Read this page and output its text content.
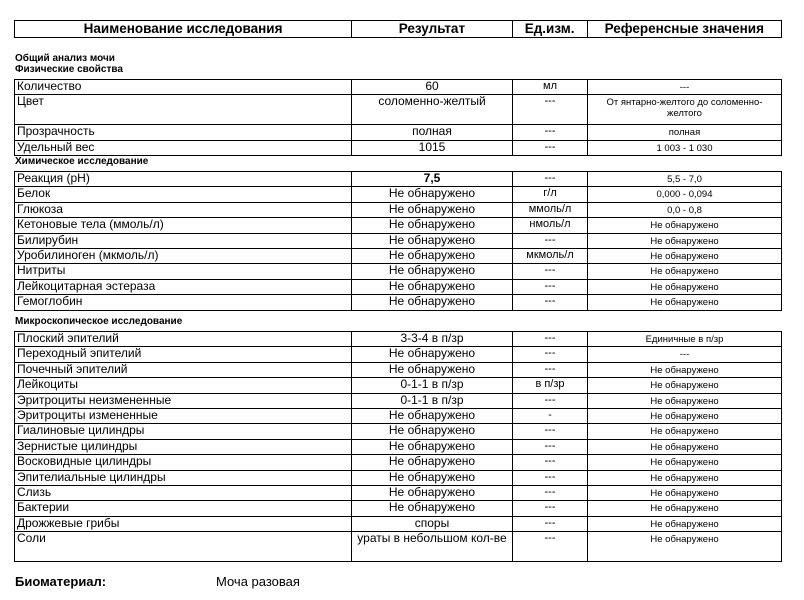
Наименование исследования	Результат	Ед.изм.	Референсные значения
Общий анализ мочи
Физические свойства
Количество	60	мл	---
Цвет	соломенно-желтый	---	От янтарно-желтого до соломенно-желтого
Прозрачность	полная	---	полная
Удельный вес	1015	---	1 003 - 1 030
Химическое исследование
Реакция (pH)	7,5	---	5,5 - 7,0
Белок	Не обнаружено	г/л	0,000 - 0,094
Глюкоза	Не обнаружено	ммоль/л	0,0 - 0,8
Кетоновые тела (ммоль/л)	Не обнаружено	нмоль/л	Не обнаружено
Билирубин	Не обнаружено	---	Не обнаружено
Уробилиноген (мкмоль/л)	Не обнаружено	мкмоль/л	Не обнаружено
Нитриты	Не обнаружено	---	Не обнаружено
Лейкоцитарная эстераза	Не обнаружено	---	Не обнаружено
Гемоглобин	Не обнаружено	---	Не обнаружено
Микроскопическое исследование
Плоский эпителий	3-3-4 в п/зр	---	Единичные в п/зр
Переходный эпителий	Не обнаружено	---	---
Почечный эпителий	Не обнаружено	---	Не обнаружено
Лейкоциты	0-1-1 в п/зр	в п/зр	Не обнаружено
Эритроциты неизмененные	0-1-1 в п/зр	---	Не обнаружено
Эритроциты измененные	Не обнаружено	-	Не обнаружено
Гиалиновые цилиндры	Не обнаружено	---	Не обнаружено
Зернистые цилиндры	Не обнаружено	---	Не обнаружено
Восковидные цилиндры	Не обнаружено	---	Не обнаружено
Эпителиальные цилиндры	Не обнаружено	---	Не обнаружено
Слизь	Не обнаружено	---	Не обнаружено
Бактерии	Не обнаружено	---	Не обнаружено
Дрожжевые грибы	споры	---	Не обнаружено
Соли	ураты в небольшом кол-ве	---	Не обнаружено
Биоматериал:	Моча разовая
